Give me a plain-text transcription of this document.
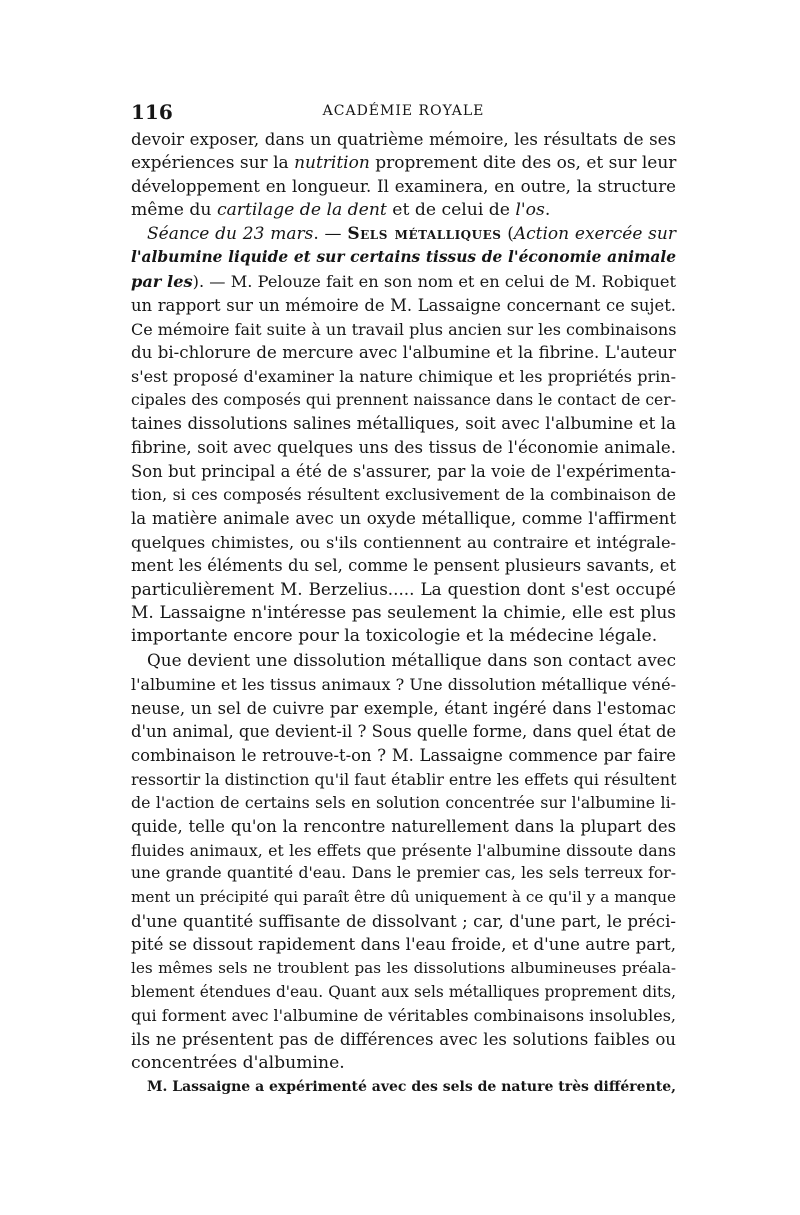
116	ACADÉMIE ROYALE
devoir exposer, dans un quatrième mémoire, les résultats de ses
expériences sur la nutrition proprement dite des os, et sur leur
développement en longueur. Il examinera, en outre, la structure
même du cartilage de la dent et de celui de l'os.
Séance du 23 mars. — Sels métalliques (Action exercée sur
l'albumine liquide et sur certains tissus de l'économie animale
par les). — M. Pelouze fait en son nom et en celui de M. Robiquet
un rapport sur un mémoire de M. Lassaigne concernant ce sujet.
Ce mémoire fait suite à un travail plus ancien sur les combinaisons
du bi-chlorure de mercure avec l'albumine et la fibrine. L'auteur
s'est proposé d'examiner la nature chimique et les propriétés prin-
cipales des composés qui prennent naissance dans le contact de cer-
taines dissolutions salines métalliques, soit avec l'albumine et la
fibrine, soit avec quelques uns des tissus de l'économie animale.
Son but principal a été de s'assurer, par la voie de l'expérimenta-
tion, si ces composés résultent exclusivement de la combinaison de
la matière animale avec un oxyde métallique, comme l'affirment
quelques chimistes, ou s'ils contiennent au contraire et intégrale-
ment les éléments du sel, comme le pensent plusieurs savants, et
particulièrement M. Berzelius..... La question dont s'est occupé
M. Lassaigne n'intéresse pas seulement la chimie, elle est plus
importante encore pour la toxicologie et la médecine légale.
Que devient une dissolution métallique dans son contact avec
l'albumine et les tissus animaux ? Une dissolution métallique véné-
neuse, un sel de cuivre par exemple, étant ingéré dans l'estomac
d'un animal, que devient-il ? Sous quelle forme, dans quel état de
combinaison le retrouve-t-on ? M. Lassaigne commence par faire
ressortir la distinction qu'il faut établir entre les effets qui résultent
de l'action de certains sels en solution concentrée sur l'albumine li-
quide, telle qu'on la rencontre naturellement dans la plupart des
fluides animaux, et les effets que présente l'albumine dissoute dans
une grande quantité d'eau. Dans le premier cas, les sels terreux for-
ment un précipité qui paraît être dû uniquement à ce qu'il y a manque
d'une quantité suffisante de dissolvant ; car, d'une part, le préci-
pité se dissout rapidement dans l'eau froide, et d'une autre part,
les mêmes sels ne troublent pas les dissolutions albumineuses préala-
blement étendues d'eau. Quant aux sels métalliques proprement dits,
qui forment avec l'albumine de véritables combinaisons insolubles,
ils ne présentent pas de différences avec les solutions faibles ou
concentrées d'albumine.
M. Lassaigne a expérimenté avec des sels de nature très différente,
